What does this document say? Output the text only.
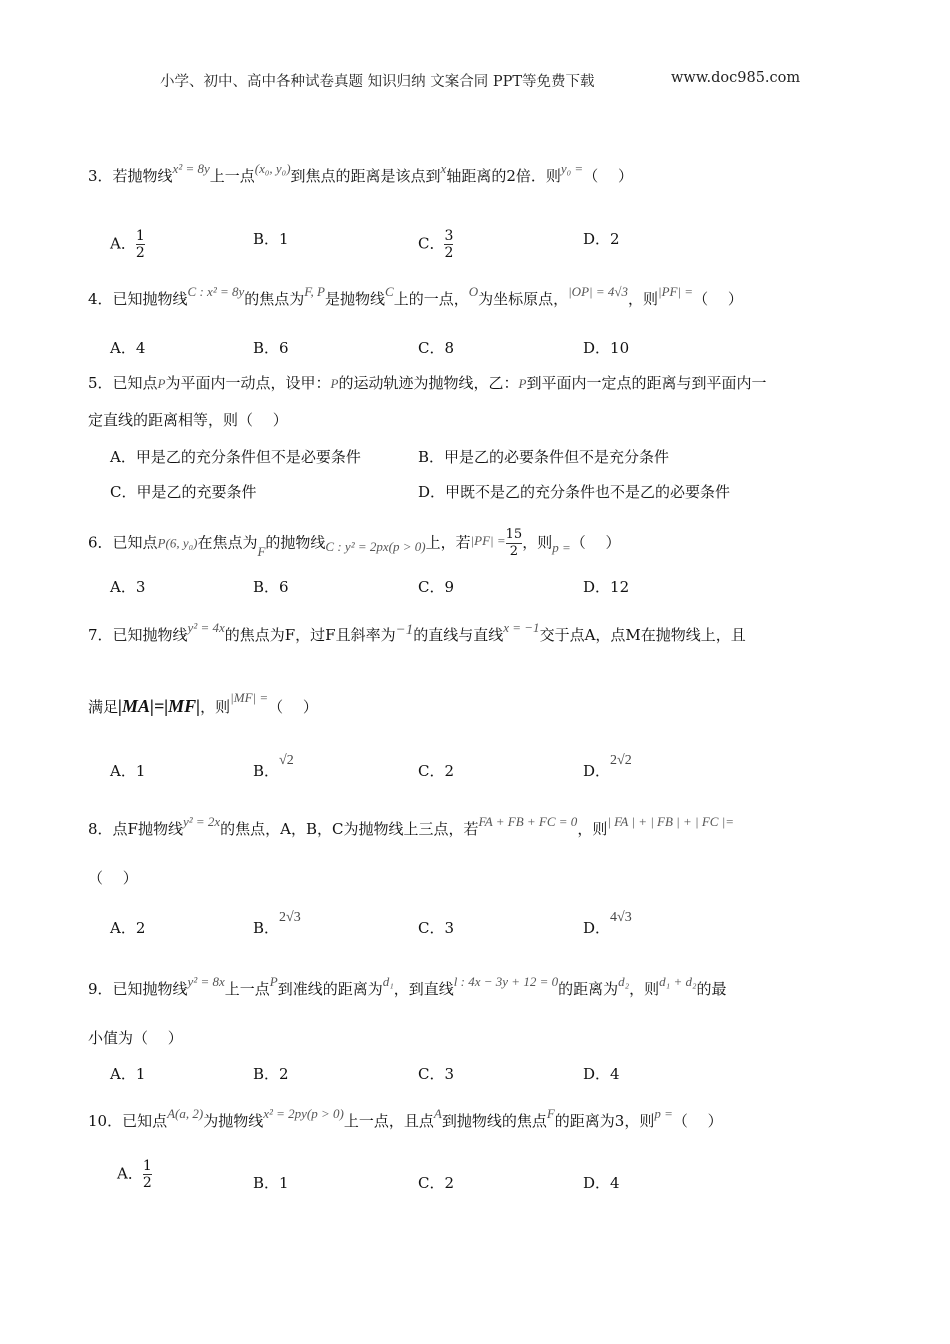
小学、初中、高中各种试卷真题 知识归纳 文案合同 PPT等免费下载	www.doc985.com
3．若抛物线x² = 8y上一点(x₀, y₀)到焦点的距离是该点到x轴距离的2倍．则y₀ =（　 ）
A． $\frac{1}{2}$	B．1	C． $\frac{3}{2}$	D．2
4．已知抛物线C : x² = 8y的焦点为F, P是抛物线C上的一点，O为坐标原点，|OP| = 4√3，则|PF| =（　 ）
A．4	B．6	C．8	D．10
5．已知点P为平面内一动点，设甲：P的运动轨迹为抛物线，乙：P到平面内一定点的距离与到平面内一
定直线的距离相等，则（　 ）
A．甲是乙的充分条件但不是必要条件	B．甲是乙的必要条件但不是充分条件
C．甲是乙的充要条件	D．甲既不是乙的充分条件也不是乙的必要条件
6．已知点P(6, y₀)在焦点为F的抛物线C : y² = 2px(p > 0)上，若$|PF| = \frac{15}{2}$ ，则p =（　 ）
A．3	B．6	C．9	D．12
7．已知抛物线y² = 4x的焦点为F，过F且斜率为−1的直线与直线x = −1交于点A，点M在抛物线上，且
满足|MA|=|MF|，则|MF| =（　 ）
A．1	B．√2
C．2	D．2√2
8．点F抛物线y² = 2x的焦点，A，B，C为抛物线上三点，若FA + FB + FC = 0，则| FA | + | FB | + | FC |=
（　 ）
A．2	B．2√3
C．3	D．4√3
9．已知抛物线y² = 8x上一点P到准线的距离为d₁，到直线l : 4x − 3y + 12 = 0的距离为d₂，则d₁ + d₂的最
小值为（　 ）
A．1	B．2	C．3	D．4
10．已知点A(a, 2)为抛物线x² = 2py(p > 0)上一点，且点A到抛物线的焦点F的距离为3，则p =（　 ）
A． $\frac{1}{2}$	B．1	C．2	D．4
